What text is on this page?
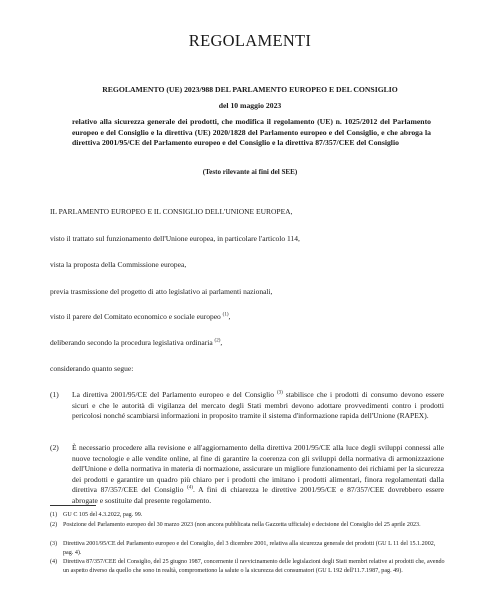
REGOLAMENTI
REGOLAMENTO (UE) 2023/988 DEL PARLAMENTO EUROPEO E DEL CONSIGLIO
del 10 maggio 2023
relativo alla sicurezza generale dei prodotti, che modifica il regolamento (UE) n. 1025/2012 del Parlamento europeo e del Consiglio e la direttiva (UE) 2020/1828 del Parlamento europeo e del Consiglio, e che abroga la direttiva 2001/95/CE del Parlamento europeo e del Consiglio e la direttiva 87/357/CEE del Consiglio
(Testo rilevante ai fini del SEE)
IL PARLAMENTO EUROPEO E IL CONSIGLIO DELL'UNIONE EUROPEA,
visto il trattato sul funzionamento dell'Unione europea, in particolare l'articolo 114,
vista la proposta della Commissione europea,
previa trasmissione del progetto di atto legislativo ai parlamenti nazionali,
visto il parere del Comitato economico e sociale europeo $^{(1)}$,
deliberando secondo la procedura legislativa ordinaria $^{(2)}$,
considerando quanto segue:
(1) La direttiva 2001/95/CE del Parlamento europeo e del Consiglio $^{(3)}$ stabilisce che i prodotti di consumo devono essere sicuri e che le autorità di vigilanza del mercato degli Stati membri devono adottare provvedimenti contro i prodotti pericolosi nonché scambiarsi informazioni in proposito tramite il sistema d'informazione rapida dell'Unione (RAPEX).
(2) È necessario procedere alla revisione e all'aggiornamento della direttiva 2001/95/CE alla luce degli sviluppi connessi alle nuove tecnologie e alle vendite online, al fine di garantire la coerenza con gli sviluppi della normativa di armonizzazione dell'Unione e della normativa in materia di normazione, assicurare un migliore funzionamento dei richiami per la sicurezza dei prodotti e garantire un quadro più chiaro per i prodotti che imitano i prodotti alimentari, finora regolamentati dalla direttiva 87/357/CEE del Consiglio $^{(4)}$. A fini di chiarezza le direttive 2001/95/CE e 87/357/CEE dovrebbero essere abrogate e sostituite dal presente regolamento.
(1) GU C 105 del 4.3.2022, pag. 99.
(2) Posizione del Parlamento europeo del 30 marzo 2023 (non ancora pubblicata nella Gazzetta ufficiale) e decisione del Consiglio del 25 aprile 2023.
(3) Direttiva 2001/95/CE del Parlamento europeo e del Consiglio, del 3 dicembre 2001, relativa alla sicurezza generale dei prodotti (GU L 11 del 15.1.2002, pag. 4).
(4) Direttiva 87/357/CEE del Consiglio, del 25 giugno 1987, concernente il ravvicinamento delle legislazioni degli Stati membri relative ai prodotti che, avendo un aspetto diverso da quello che sono in realtà, compromettono la salute o la sicurezza dei consumatori (GU L 192 dell'11.7.1987, pag. 49).
